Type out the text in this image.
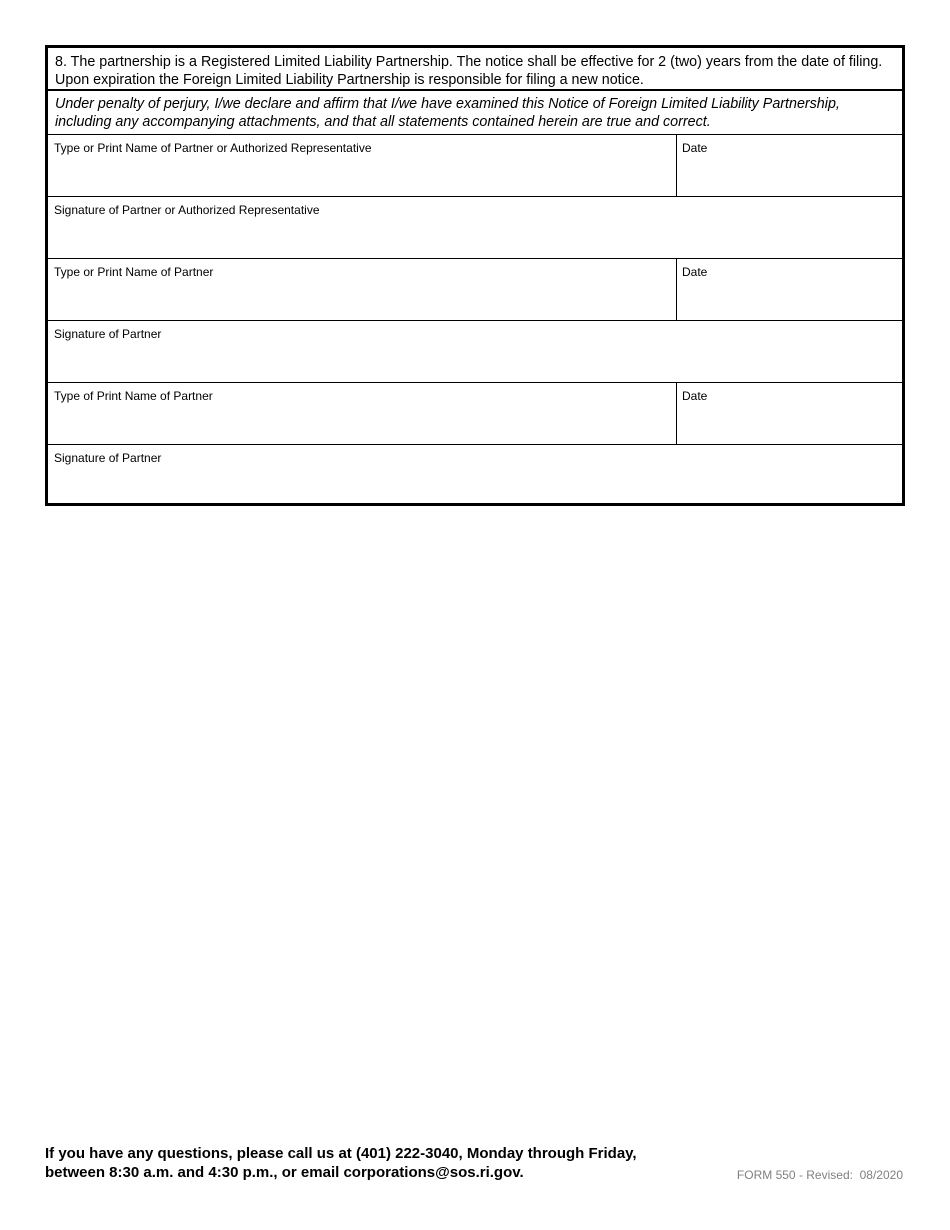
8. The partnership is a Registered Limited Liability Partnership. The notice shall be effective for 2 (two) years from the date of filing. Upon expiration the Foreign Limited Liability Partnership is responsible for filing a new notice.
Under penalty of perjury, I/we declare and affirm that I/we have examined this Notice of Foreign Limited Liability Partnership, including any accompanying attachments, and that all statements contained herein are true and correct.
Type or Print Name of Partner or Authorized Representative	Date
Signature of Partner or Authorized Representative
Type or Print Name of Partner	Date
Signature of Partner
Type of Print Name of Partner	Date
Signature of Partner
If you have any questions, please call us at (401) 222-3040, Monday through Friday,
between 8:30 a.m. and 4:30 p.m., or email corporations@sos.ri.gov.	FORM 550 - Revised:  08/2020
